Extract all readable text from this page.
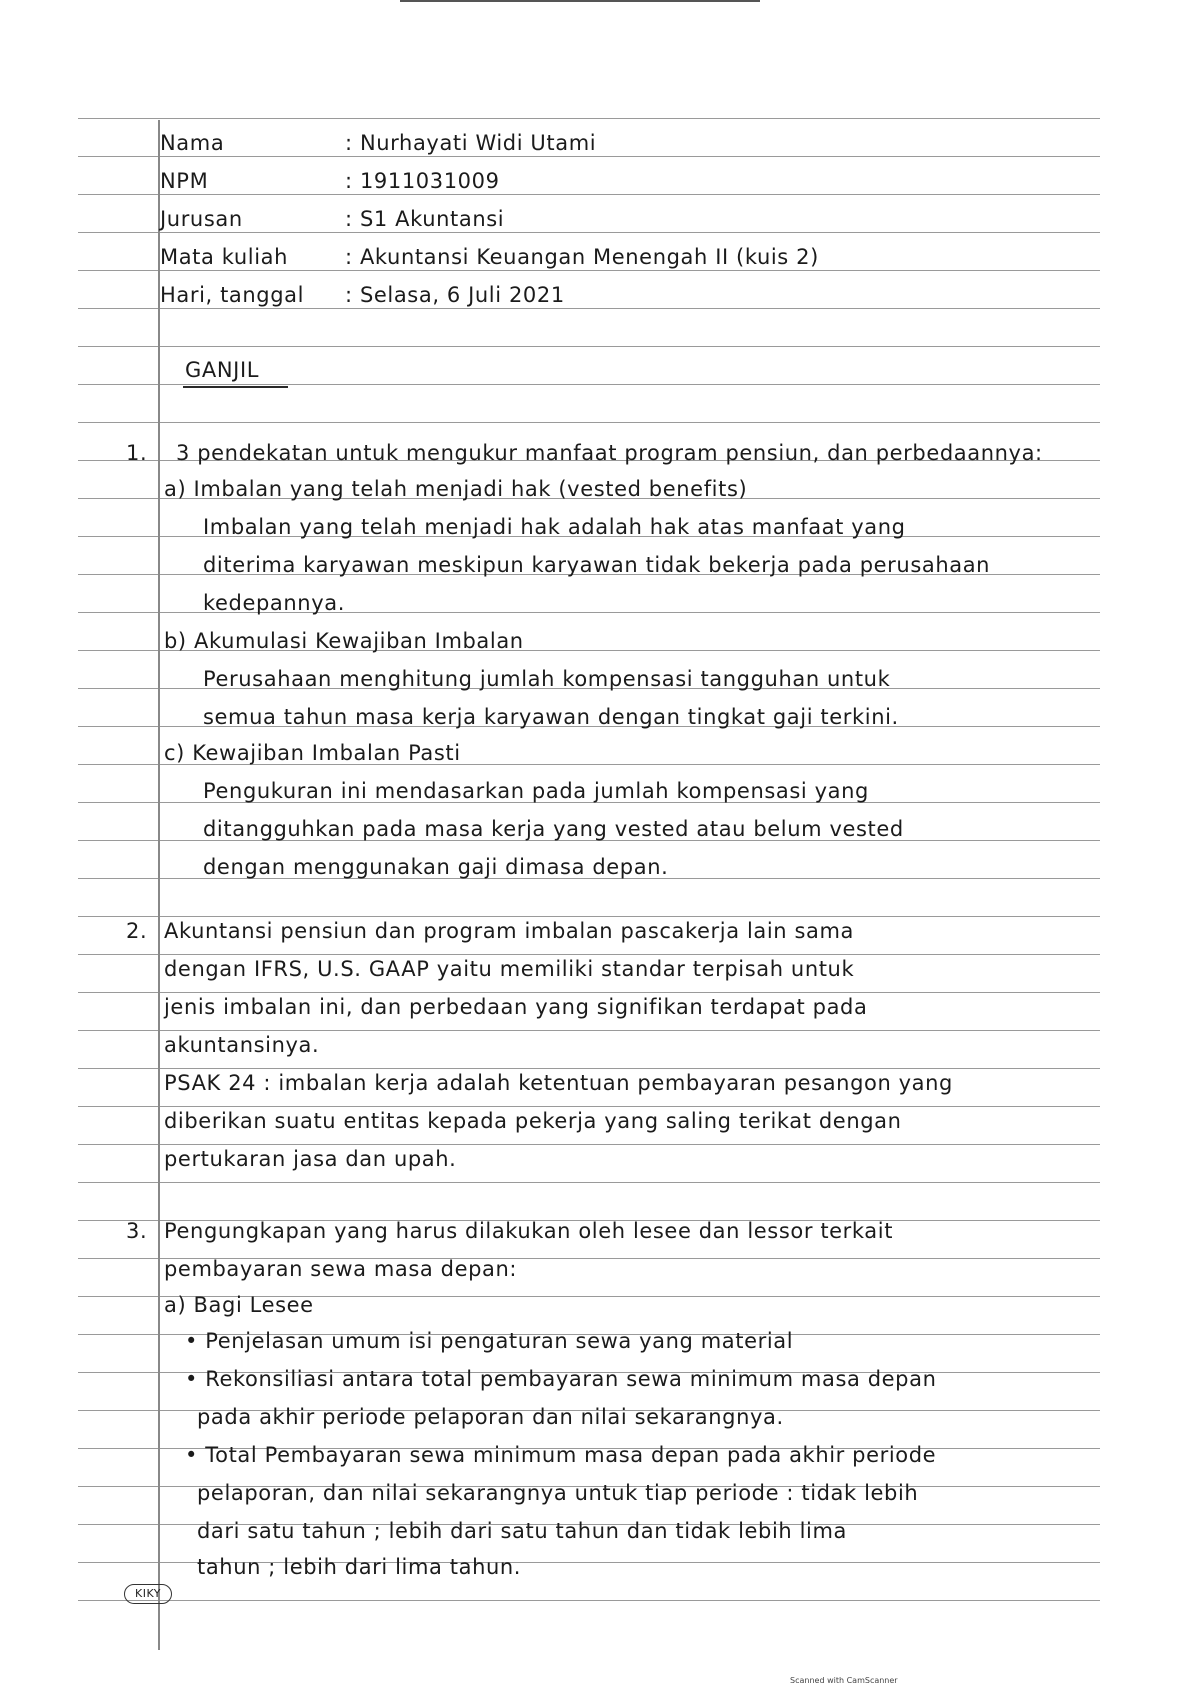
Nama	: Nurhayati Widi Utami
NPM	: 1911031009
Jurusan	: S1 Akuntansi
Mata kuliah	: Akuntansi Keuangan Menengah II (kuis 2)
Hari, tanggal : Selasa, 6 Juli 2021
GANJIL
1. 3 pendekatan untuk mengukur manfaat program pensiun, dan perbedaannya:
a) Imbalan yang telah menjadi hak (vested benefits)
Imbalan yang telah menjadi hak adalah hak atas manfaat yang
diterima karyawan meskipun karyawan tidak bekerja pada perusahaan
kedepannya.
b) Akumulasi Kewajiban Imbalan
Perusahaan menghitung jumlah kompensasi tangguhan untuk
semua tahun masa kerja karyawan dengan tingkat gaji terkini.
c) Kewajiban Imbalan Pasti
Pengukuran ini mendasarkan pada jumlah kompensasi yang
ditangguhkan pada masa kerja yang vested atau belum vested
dengan menggunakan gaji dimasa depan.
2. Akuntansi pensiun dan program imbalan pascakerja lain sama
dengan IFRS, U.S. GAAP yaitu memiliki standar terpisah untuk
jenis imbalan ini, dan perbedaan yang signifikan terdapat pada
akuntansinya.
PSAK 24 : imbalan kerja adalah ketentuan pembayaran pesangon yang
diberikan suatu entitas kepada pekerja yang saling terikat dengan
pertukaran jasa dan upah.
3. Pengungkapan yang harus dilakukan oleh lesee dan lessor terkait
pembayaran sewa masa depan:
a) Bagi Lesee
• Penjelasan umum isi pengaturan sewa yang material
• Rekonsiliasi antara total pembayaran sewa minimum masa depan
pada akhir periode pelaporan dan nilai sekarangnya.
• Total Pembayaran sewa minimum masa depan pada akhir periode
pelaporan, dan nilai sekarangnya untuk tiap periode : tidak lebih
dari satu tahun ; lebih dari satu tahun dan tidak lebih lima
tahun ; lebih dari lima tahun.
KIKY
Scanned with CamScanner
